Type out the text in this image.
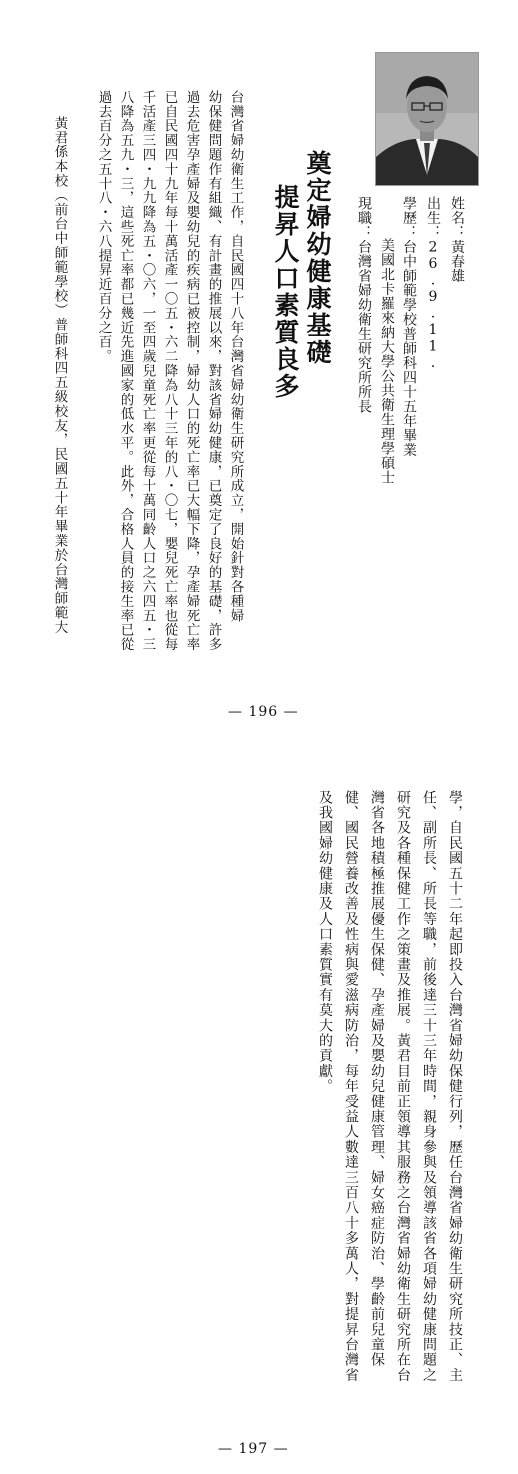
姓名：黃春雄
出生：26.9.11.
學歷：台中師範學校普師科四十五年畢業
美國北卡羅來納大學公共衛生理學碩士
現職：台灣省婦幼衛生研究所所長
奠定婦幼健康基礎
提昇人口素質良多
台灣省婦幼衛生工作，自民國四十八年台灣省婦幼衛生研究所成立，開始針對各種婦
幼保健問題作有組織、有計畫的推展以來，對該省婦幼健康，已奠定了良好的基礎，許多
過去危害孕產婦及嬰幼兒的疾病已被控制，婦幼人口的死亡率已大幅下降，孕產婦死亡率
已自民國四十九年每十萬活產一〇五・六二降為八十三年的八・〇七，嬰兒死亡率也從每
千活產三四・九九降為五・〇六，一至四歲兒童死亡率更從每十萬同齡人口之六四五・三
八降為五九・三，這些死亡率都已幾近先進國家的低水平。此外，合格人員的接生率已從
過去百分之五十八・六八提昇近百分之百。
黃君係本校（前台中師範學校）普師科四五級校友，民國五十年畢業於台灣師範大
— 196 —
學，自民國五十二年起即投入台灣省婦幼保健行列，歷任台灣省婦幼衛生研究所技正、主
任、副所長、所長等職，前後達三十三年時間，親身參與及領導該省各項婦幼健康問題之
研究及各種保健工作之策畫及推展。黃君目前正領導其服務之台灣省婦幼衛生研究所在台
灣省各地積極推展優生保健、孕產婦及嬰幼兒健康管理、婦女癌症防治、學齡前兒童保
健、國民營養改善及性病與愛滋病防治，每年受益人數達三百八十多萬人，對提昇台灣省
及我國婦幼健康及人口素質實有莫大的貢獻。
— 197 —
